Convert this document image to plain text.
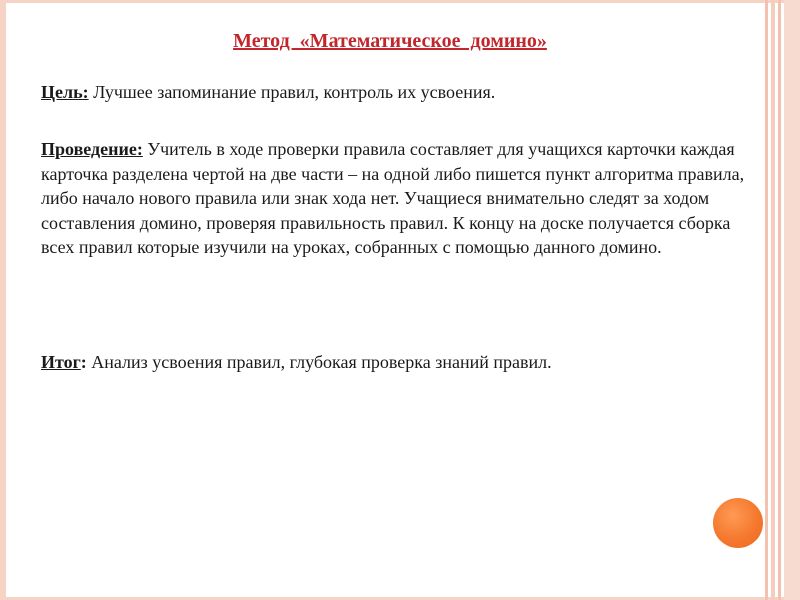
Метод  «Математическое  домино»
Цель: Лучшее запоминание правил, контроль их усвоения.
Проведение: Учитель в ходе проверки правила составляет для учащихся карточки каждая карточка разделена чертой на две части – на одной либо пишется пункт алгоритма правила, либо начало нового правила или знак хода нет. Учащиеся внимательно следят за ходом составления домино, проверяя правильность правил. К концу на доске получается сборка всех правил которые изучили на уроках, собранных с помощью данного домино.
Итог: Анализ усвоения правил, глубокая проверка знаний правил.
